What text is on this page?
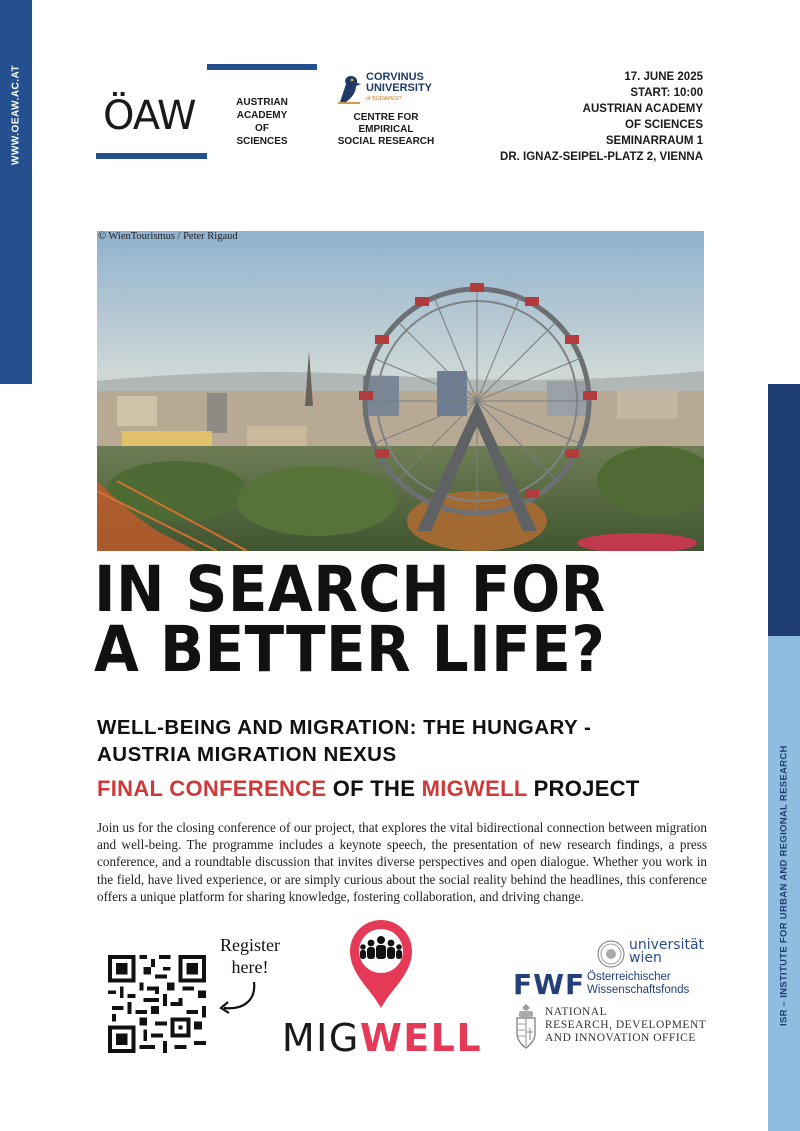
WWW.OEAW.AC.AT
ISR – INSTITUTE FOR URBAN AND REGIONAL RESEARCH
ÖAW	AUSTRIAN
ACADEMY OF
SCIENCES
CORVINUS
UNIVERSITY
of BUDAPEST
CENTRE FOR
EMPIRICAL
SOCIAL RESEARCH
17. JUNE 2025
START: 10:00
AUSTRIAN ACADEMY
OF SCIENCES
SEMINARRAUM 1
DR. IGNAZ-SEIPEL-PLATZ 2, VIENNA
© WienTourismus / Peter Rigaud
IN SEARCH FOR
A BETTER LIFE?
WELL-BEING AND MIGRATION: THE HUNGARY -
AUSTRIA MIGRATION NEXUS
FINAL CONFERENCE OF THE MIGWELL PROJECT

Join us for the closing conference of our project, that explores the vital bidirectional connection between migration and well-being. The programme includes a keynote speech, the presentation of new research findings, a press conference, and a roundtable discussion that invites diverse perspectives and open dialogue. Whether you work in the field, have lived experience, or are simply curious about the social reality behind the headlines, this conference offers a unique platform for sharing knowledge, fostering collaboration, and driving change.

Register
here!
MIGWELL
universität
wien
FWF Österreichischer
Wissenschaftsfonds
NATIONAL
RESEARCH, DEVELOPMENT
AND INNOVATION OFFICE
